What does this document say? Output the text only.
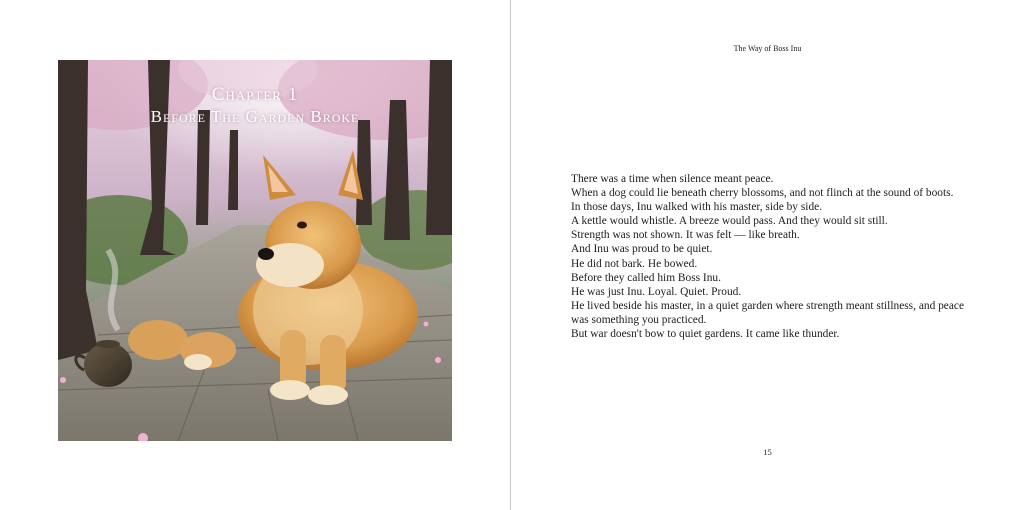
Chapter 1
Before The Garden Broke
The Way of Boss Inu

There was a time when silence meant peace.

When a dog could lie beneath cherry blossoms, and not flinch at the sound of boots.

In those days, Inu walked with his master, side by side.

A kettle would whistle. A breeze would pass. And they would sit still.

Strength was not shown. It was felt — like breath.

And Inu was proud to be quiet.

He did not bark. He bowed.

Before they called him Boss Inu.

He was just Inu. Loyal. Quiet. Proud.

He lived beside his master, in a quiet garden where strength meant stillness, and peace was something you practiced.

But war doesn't bow to quiet gardens. It came like thunder.

15
